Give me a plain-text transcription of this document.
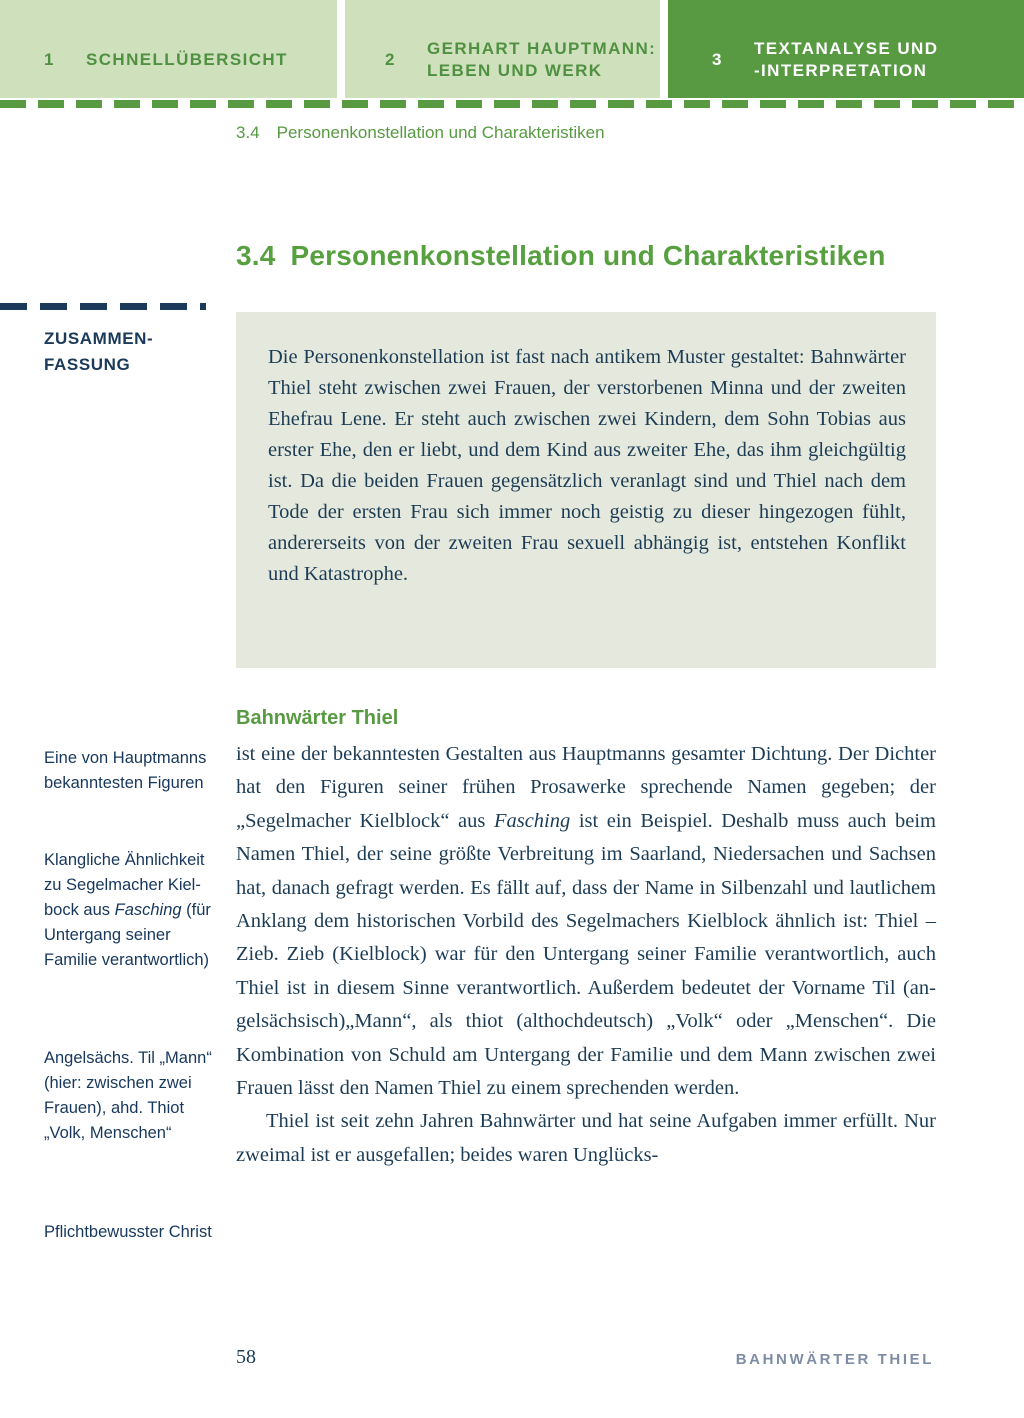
1	SCHNELLÜBERSICHT	2
GERHART HAUPTMANN:
LEBEN UND WERK
3
TEXTANALYSE UND
-INTERPRETATION
3.4 Personenkonstellation und Charakteristiken
3.4 Personenkonstellation und Charakteristiken
ZUSAMMEN-
FASSUNG	Die Personenkonstellation ist fast nach antikem Muster gestaltet: Bahnwärter Thiel steht zwischen zwei Frauen, der verstorbenen Minna und der zweiten Ehefrau Lene. Er steht auch zwischen zwei Kindern, dem Sohn Tobias aus erster Ehe, den er liebt, und dem Kind aus zweiter Ehe, das ihm gleichgültig ist. Da die beiden Frauen gegensätzlich veranlagt sind und Thiel nach dem Tode der ersten Frau sich immer noch geistig zu dieser hingezogen fühlt, andererseits von der zweiten Frau sexuell abhängig ist, entstehen Konflikt und Katastrophe.

Bahnwärter Thiel

ist eine der bekanntesten Gestalten aus Hauptmanns gesamter Dichtung. Der Dichter hat den Figuren seiner frühen Prosawerke sprechende Namen gegeben; der „Segelmacher Kielblock“ aus Fasching ist ein Beispiel. Deshalb muss auch beim Namen Thiel, der seine größte Verbreitung im Saarland, Niedersachen und Sachsen hat, danach gefragt werden. Es fällt auf, dass der Name in Silbenzahl und lautlichem Anklang dem historischen Vorbild des Segelmachers Kielblock ähnlich ist: Thiel – Zieb. Zieb (Kielblock) war für den Untergang seiner Familie verantwortlich, auch Thiel ist in diesem Sinne verantwortlich. Außerdem bedeutet der Vorname Til (angelsächsisch)„Mann“, als thiot (althochdeutsch) „Volk“ oder „Menschen“. Die Kombination von Schuld am Untergang der Familie und dem Mann zwischen zwei Frauen lässt den Namen Thiel zu einem sprechenden werden.

Thiel ist seit zehn Jahren Bahnwärter und hat seine Aufgaben immer erfüllt. Nur zweimal ist er ausgefallen; beides waren Unglücks-

Eine von Hauptmanns bekanntesten Figuren
Klangliche Ähnlichkeit zu Segelmacher Kielbock aus Fasching (für Untergang seiner Familie verantwortlich)
Angelsächs. Til „Mann“ (hier: zwischen zwei Frauen), ahd. Thiot „Volk, Menschen“
Pflichtbewusster Christ
58	BAHNWÄRTER THIEL
